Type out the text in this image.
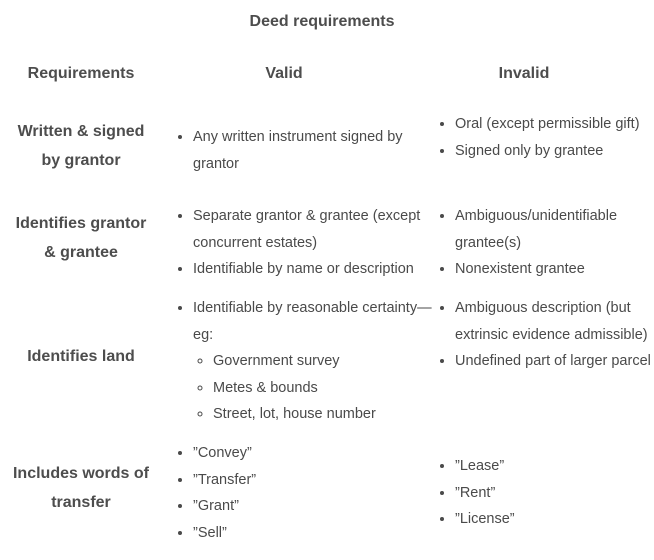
Deed requirements
Requirements	Valid	Invalid
Written & signed
by grantor
• Any written instrument signed by grantor
• Oral (except permissible gift)
• Signed only by grantee
Identifies grantor
& grantee
• Separate grantor & grantee (except concurrent estates)
• Identifiable by name or description
• Ambiguous/unidentifiable grantee(s)
• Nonexistent grantee
Identifies land
• Identifiable by reasonable certainty—eg:
◦ Government survey
◦ Metes & bounds
◦ Street, lot, house number
• Ambiguous description (but extrinsic evidence admissible)
• Undefined part of larger parcel
Includes words of
transfer
• ”Convey”
• ”Transfer”
• ”Grant”
• ”Sell”
• ”Lease”
• ”Rent”
• ”License”
